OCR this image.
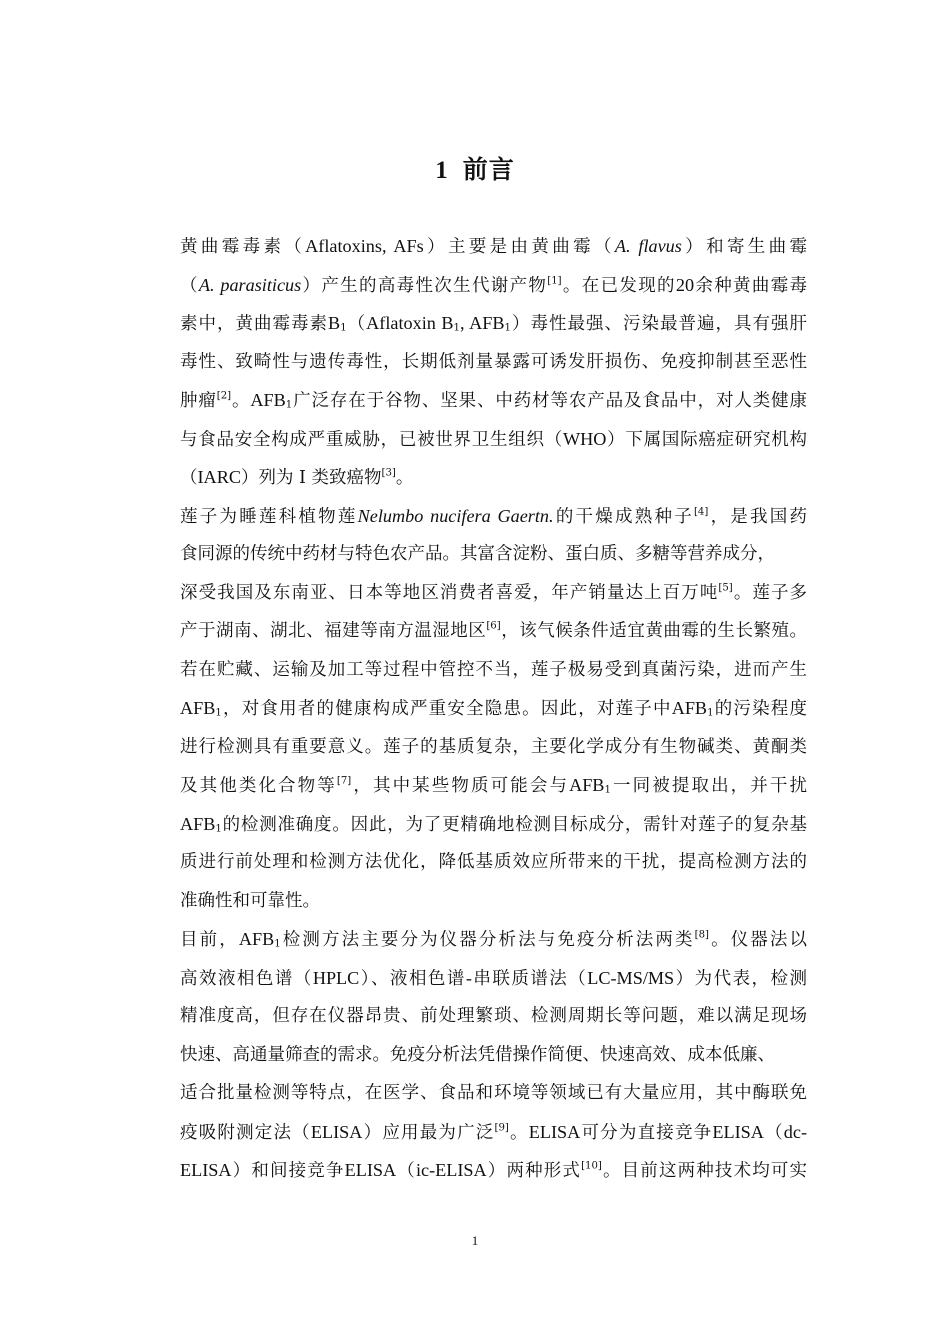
1 前言
黄曲霉毒素（Aflatoxins, AFs）主要是由黄曲霉（A. flavus）和寄生曲霉
（A. parasiticus）产生的高毒性次生代谢产物[1]。在已发现的20余种黄曲霉毒
素中，黄曲霉毒素$B_1(Aflatoxin$ $B_1$, $AFB_1$）毒性最强、污染最普遍，具有强肝
毒性、致畸性与遗传毒性，长期低剂量暴露可诱发肝损伤、免疫抑制甚至恶性
肿瘤[2]。$AFB_1$广泛存在于谷物、坚果、中药材等农产品及食品中，对人类健康
与食品安全构成严重威胁，已被世界卫生组织（WHO）下属国际癌症研究机构
（IARC）列为 Ⅰ 类致癌物[3]。
莲子为睡莲科植物莲Nelumbo nucifera Gaertn.的干燥成熟种子[4]，是我国药
食同源的传统中药材与特色农产品。其富含淀粉、蛋白质、多糖等营养成分，
深受我国及东南亚、日本等地区消费者喜爱，年产销量达上百万吨[5]。莲子多
产于湖南、湖北、福建等南方温湿地区[6]，该气候条件适宜黄曲霉的生长繁殖。
若在贮藏、运输及加工等过程中管控不当，莲子极易受到真菌污染，进而产生
$AFB_1$，对食用者的健康构成严重安全隐患。因此，对莲子中$AFB_1$的污染程度
进行检测具有重要意义。莲子的基质复杂，主要化学成分有生物碱类、黄酮类
及其他类化合物等[7]，其中某些物质可能会与$AFB_1$一同被提取出，并干扰
$AFB_1$的检测准确度。因此，为了更精确地检测目标成分，需针对莲子的复杂基
质进行前处理和检测方法优化，降低基质效应所带来的干扰，提高检测方法的
准确性和可靠性。
目前，$AFB_1$检测方法主要分为仪器分析法与免疫分析法两类[8]。仪器法以
高效液相色谱（HPLC）、液相色谱-串联质谱法（LC-MS/MS）为代表，检测
精准度高，但存在仪器昂贵、前处理繁琐、检测周期长等问题，难以满足现场
快速、高通量筛查的需求。免疫分析法凭借操作简便、快速高效、成本低廉、
适合批量检测等特点，在医学、食品和环境等领域已有大量应用，其中酶联免
疫吸附测定法（ELISA）应用最为广泛[9]。ELISA可分为直接竞争ELISA（dc-
ELISA）和间接竞争ELISA（ic-ELISA）两种形式[10]。目前这两种技术均可实
1
